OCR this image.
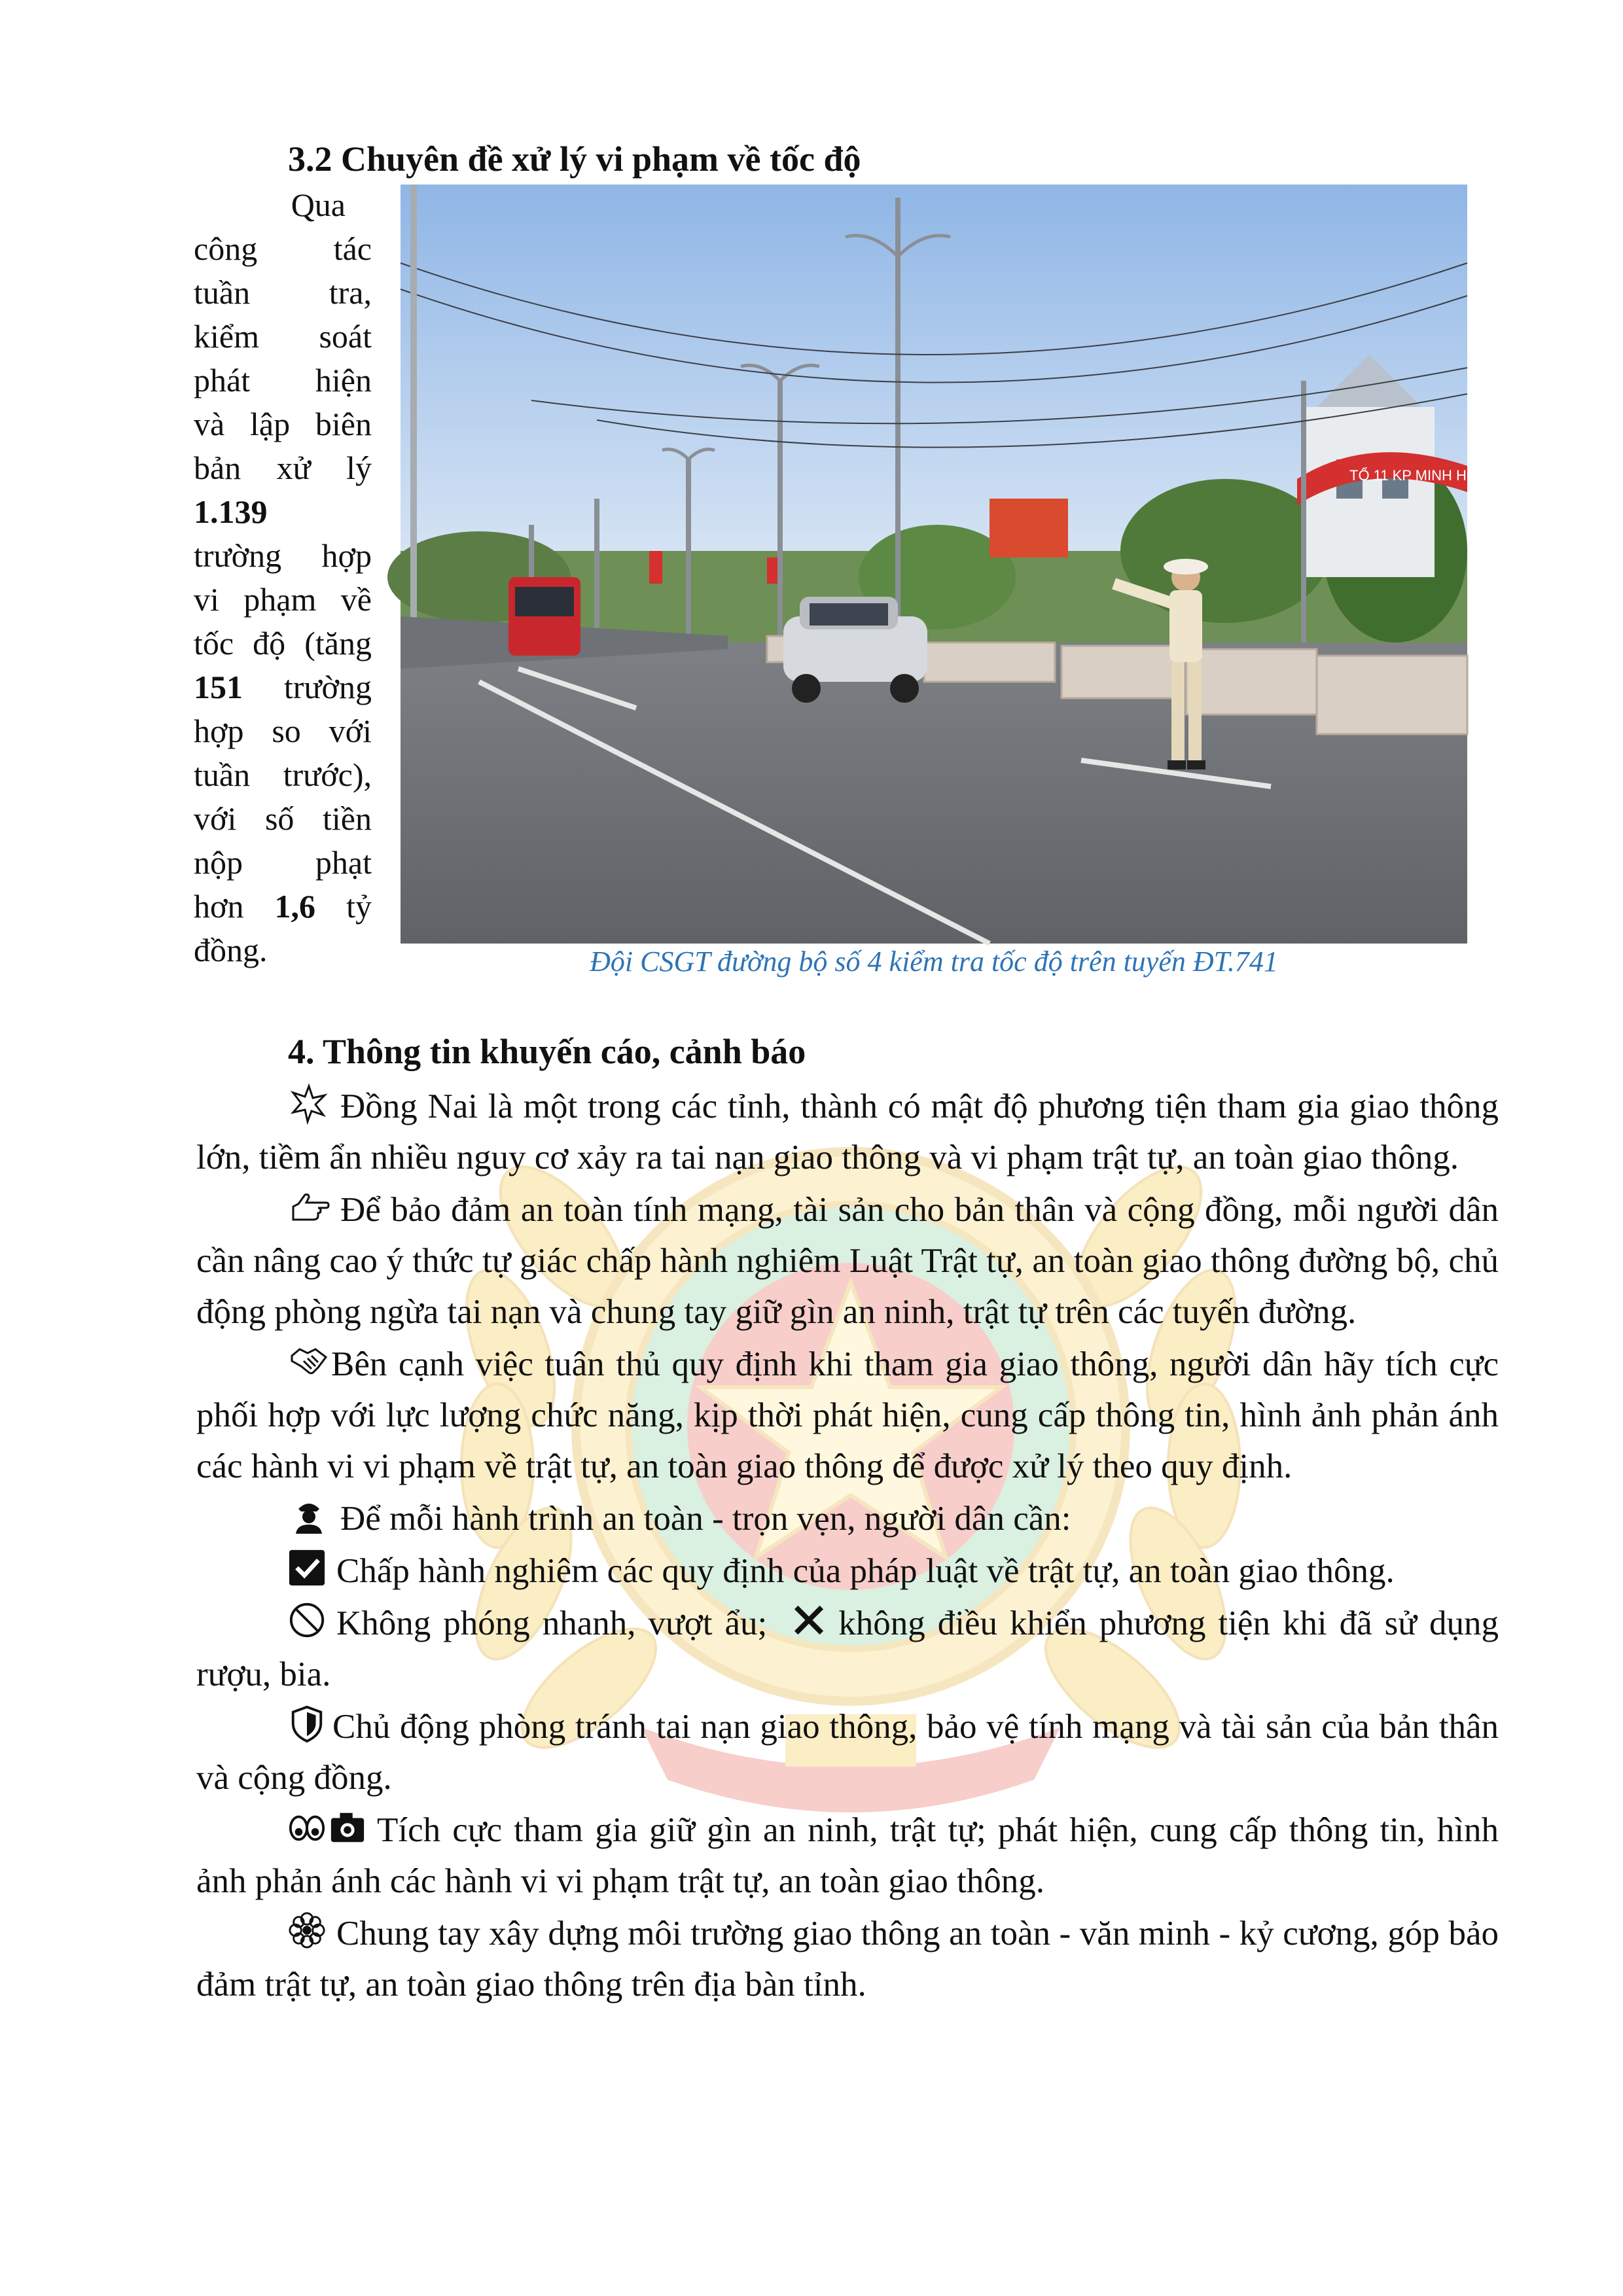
3.2 Chuyên đề xử lý vi phạm về tốc độ
Qua
công tác
tuần tra,
kiểm soát
phát hiện
và lập biên
bản xử lý
1.139
trường hợp
vi phạm về
tốc độ (tăng
151 trường
hợp so với
tuần trước),
với số tiền
nộp phạt
hơn 1,6 tỷ
đồng.
TỔ 11 KP MINH HÒA
Đội CSGT đường bộ số 4 kiểm tra tốc độ trên tuyến ĐT.741
4. Thông tin khuyến cáo, cảnh báo

Đồng Nai là một trong các tỉnh, thành có mật độ phương tiện tham gia giao thông lớn, tiềm ẩn nhiều nguy cơ xảy ra tai nạn giao thông và vi phạm trật tự, an toàn giao thông.

Để bảo đảm an toàn tính mạng, tài sản cho bản thân và cộng đồng, mỗi người dân cần nâng cao ý thức tự giác chấp hành nghiêm Luật Trật tự, an toàn giao thông đường bộ, chủ động phòng ngừa tai nạn và chung tay giữ gìn an ninh, trật tự trên các tuyến đường.

Bên cạnh việc tuân thủ quy định khi tham gia giao thông, người dân hãy tích cực phối hợp với lực lượng chức năng, kịp thời phát hiện, cung cấp thông tin, hình ảnh phản ánh các hành vi vi phạm về trật tự, an toàn giao thông để được xử lý theo quy định.

Để mỗi hành trình an toàn - trọn vẹn, người dân cần:

Chấp hành nghiêm các quy định của pháp luật về trật tự, an toàn giao thông.

Không phóng nhanh, vượt ẩu; không điều khiển phương tiện khi đã sử dụng rượu, bia.

Chủ động phòng tránh tai nạn giao thông, bảo vệ tính mạng và tài sản của bản thân và cộng đồng.

Tích cực tham gia giữ gìn an ninh, trật tự; phát hiện, cung cấp thông tin, hình ảnh phản ánh các hành vi vi phạm trật tự, an toàn giao thông.

Chung tay xây dựng môi trường giao thông an toàn - văn minh - kỷ cương, góp bảo đảm trật tự, an toàn giao thông trên địa bàn tỉnh.
